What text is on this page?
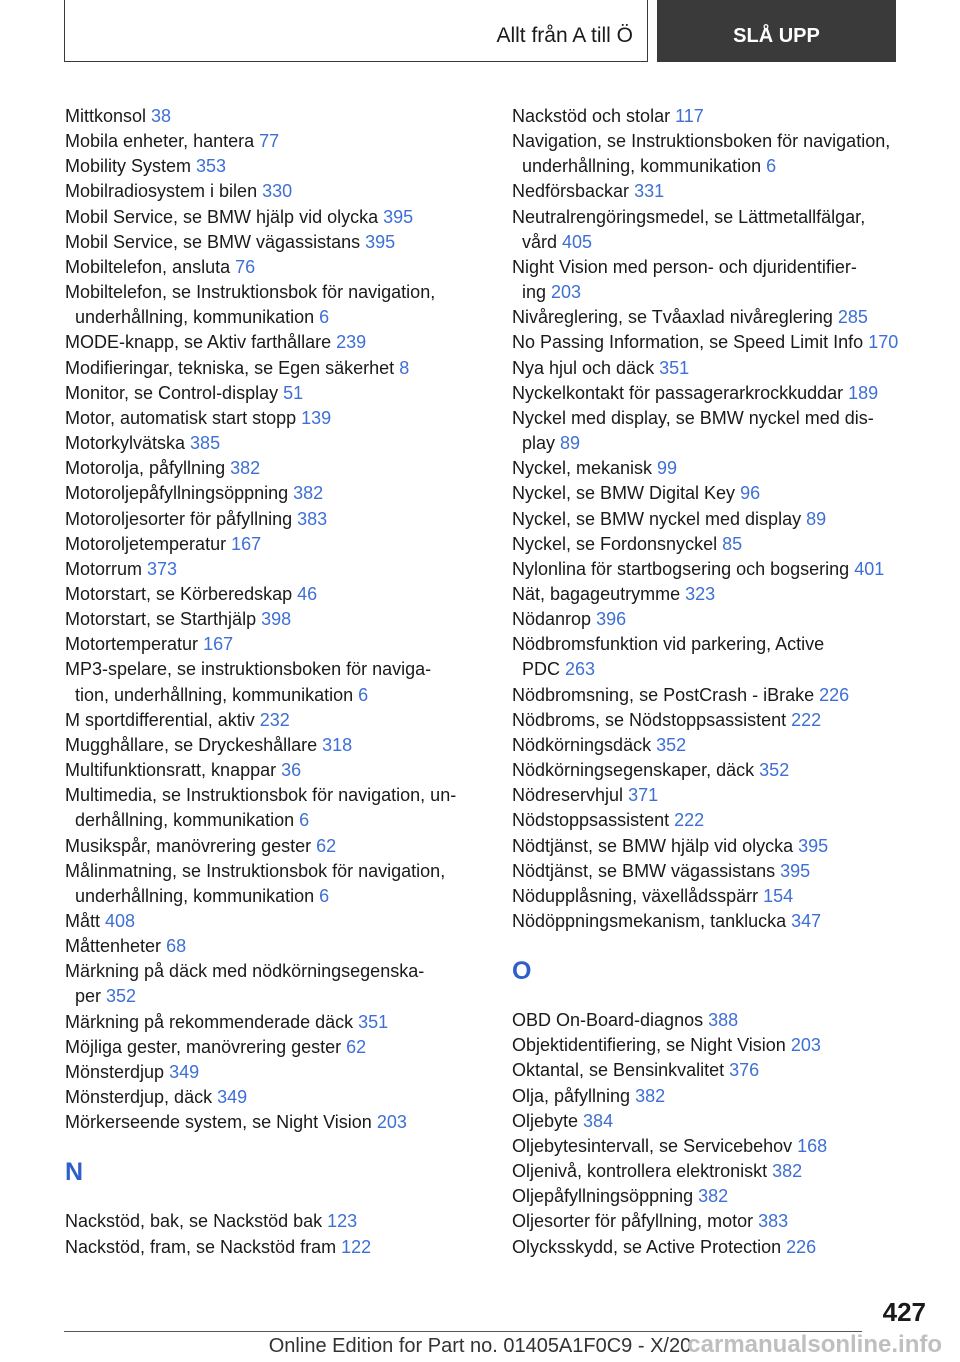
Allt från A till Ö	SLÅ UPP
Mittkonsol 38
Mobila enheter, hantera 77
Mobility System 353
Mobilradiosystem i bilen 330
Mobil Service, se BMW hjälp vid olycka 395
Mobil Service, se BMW vägassistans 395
Mobiltelefon, ansluta 76
Mobiltelefon, se Instruktionsbok för navigation,
underhållning, kommunikation 6
MODE-knapp, se Aktiv farthållare 239
Modifieringar, tekniska, se Egen säkerhet 8
Monitor, se Control-display 51
Motor, automatisk start stopp 139
Motorkylvätska 385
Motorolja, påfyllning 382
Motoroljepåfyllningsöppning 382
Motoroljesorter för påfyllning 383
Motoroljetemperatur 167
Motorrum 373
Motorstart, se Körberedskap 46
Motorstart, se Starthjälp 398
Motortemperatur 167
MP3-spelare, se instruktionsboken för naviga-
tion, underhållning, kommunikation 6
M sportdifferential, aktiv 232
Mugghållare, se Dryckeshållare 318
Multifunktionsratt, knappar 36
Multimedia, se Instruktionsbok för navigation, un-
derhållning, kommunikation 6
Musikspår, manövrering gester 62
Målinmatning, se Instruktionsbok för navigation,
underhållning, kommunikation 6
Mått 408
Måttenheter 68
Märkning på däck med nödkörningsegenska-
per 352
Märkning på rekommenderade däck 351
Möjliga gester, manövrering gester 62
Mönsterdjup 349
Mönsterdjup, däck 349
Mörkerseende system, se Night Vision 203
N
Nackstöd, bak, se Nackstöd bak 123
Nackstöd, fram, se Nackstöd fram 122
Nackstöd och stolar 117
Navigation, se Instruktionsboken för navigation,
underhållning, kommunikation 6
Nedförsbackar 331
Neutralrengöringsmedel, se Lättmetallfälgar,
vård 405
Night Vision med person- och djuridentifier-
ing 203
Nivåreglering, se Tvåaxlad nivåreglering 285
No Passing Information, se Speed Limit Info 170
Nya hjul och däck 351
Nyckelkontakt för passagerarkrockkuddar 189
Nyckel med display, se BMW nyckel med dis-
play 89
Nyckel, mekanisk 99
Nyckel, se BMW Digital Key 96
Nyckel, se BMW nyckel med display 89
Nyckel, se Fordonsnyckel 85
Nylonlina för startbogsering och bogsering 401
Nät, bagageutrymme 323
Nödanrop 396
Nödbromsfunktion vid parkering, Active
PDC 263
Nödbromsning, se PostCrash - iBrake 226
Nödbroms, se Nödstoppsassistent 222
Nödkörningsdäck 352
Nödkörningsegenskaper, däck 352
Nödreservhjul 371
Nödstoppsassistent 222
Nödtjänst, se BMW hjälp vid olycka 395
Nödtjänst, se BMW vägassistans 395
Nödupplåsning, växellådsspärr 154
Nödöppningsmekanism, tanklucka 347
O
OBD On-Board-diagnos 388
Objektidentifiering, se Night Vision 203
Oktantal, se Bensinkvalitet 376
Olja, påfyllning 382
Oljebyte 384
Oljebytesintervall, se Servicebehov 168
Oljenivå, kontrollera elektroniskt 382
Oljepåfyllningsöppning 382
Oljesorter för påfyllning, motor 383
Olycksskydd, se Active Protection 226
427
Online Edition for Part no. 01405A1F0C9 - X/20
carmanualsonline.info
